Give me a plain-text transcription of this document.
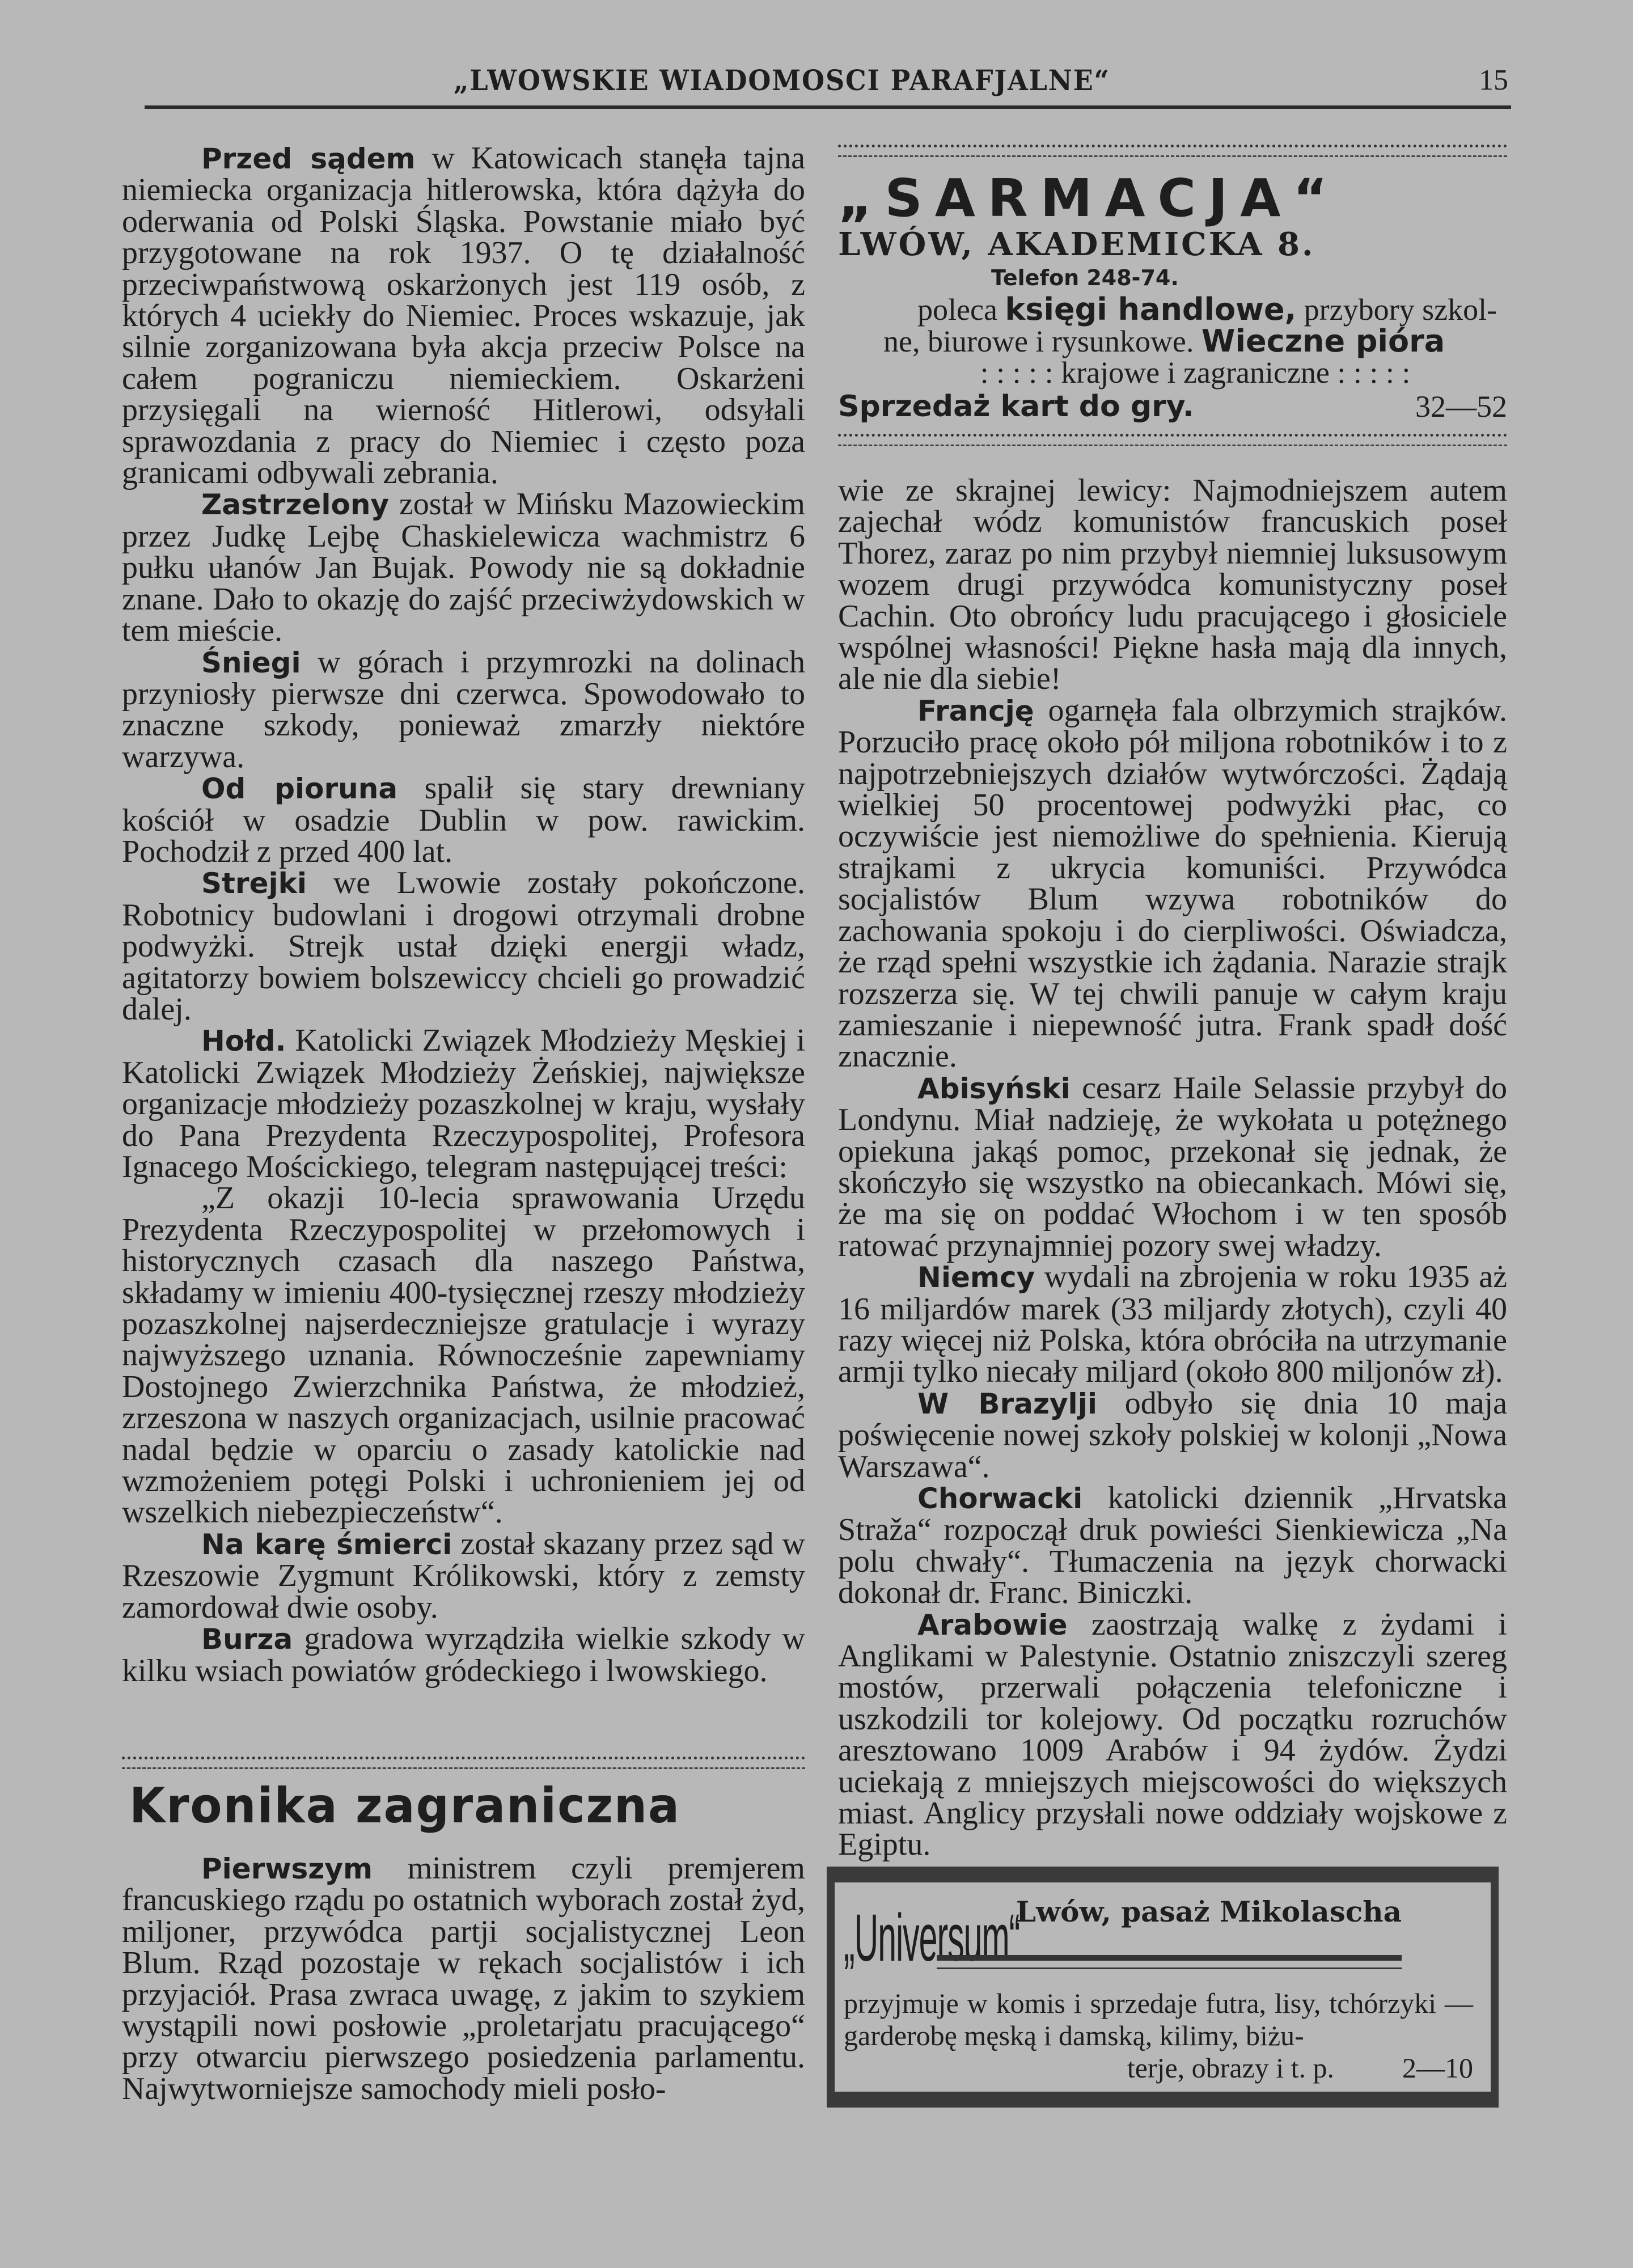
„LWOWSKIE WIADOMOSCI PARAFJALNE“	15

Przed sądem w Katowicach stanęła tajna niemiecka organizacja hitlerowska, która dążyła do oderwania od Polski Śląska. Powstanie miało być przygotowane na rok 1937. O tę działalność przeciwpaństwową oskarżonych jest 119 osób, z których 4 uciekły do Niemiec. Proces wskazuje, jak silnie zorganizowana była akcja przeciw Polsce na całem pograniczu niemieckiem. Oskarżeni przysięgali na wierność Hitlerowi, odsyłali sprawozdania z pracy do Niemiec i często poza granicami odbywali zebrania.

Zastrzelony został w Mińsku Mazowieckim przez Judkę Lejbę Chaskielewicza wachmistrz 6 pułku ułanów Jan Bujak. Powody nie są dokładnie znane. Dało to okazję do zajść przeciwżydowskich w tem mieście.

Śniegi w górach i przymrozki na dolinach przyniosły pierwsze dni czerwca. Spowodowało to znaczne szkody, ponieważ zmarzły niektóre warzywa.

Od pioruna spalił się stary drewniany kościół w osadzie Dublin w pow. rawickim. Pochodził z przed 400 lat.

Strejki we Lwowie zostały pokończone. Robotnicy budowlani i drogowi otrzymali drobne podwyżki. Strejk ustał dzięki energji władz, agitatorzy bowiem bolszewiccy chcieli go prowadzić dalej.

Hołd. Katolicki Związek Młodzieży Męskiej i Katolicki Związek Młodzieży Żeńskiej, największe organizacje młodzieży pozaszkolnej w kraju, wysłały do Pana Prezydenta Rzeczypospolitej, Profesora Ignacego Mościckiego, telegram następującej treści:

„Z okazji 10-lecia sprawowania Urzędu Prezydenta Rzeczypospolitej w przełomowych i historycznych czasach dla naszego Państwa, składamy w imieniu 400-tysięcznej rzeszy młodzieży pozaszkolnej najserdeczniejsze gratulacje i wyrazy najwyższego uznania. Równocześnie zapewniamy Dostojnego Zwierzchnika Państwa, że młodzież, zrzeszona w naszych organizacjach, usilnie pracować nadal będzie w oparciu o zasady katolickie nad wzmożeniem potęgi Polski i uchronieniem jej od wszelkich niebezpieczeństw“.

Na karę śmierci został skazany przez sąd w Rzeszowie Zygmunt Królikowski, który z zemsty zamordował dwie osoby.

Burza gradowa wyrządziła wielkie szkody w kilku wsiach powiatów gródeckiego i lwowskiego.

Kronika zagraniczna

Pierwszym ministrem czyli premjerem francuskiego rządu po ostatnich wyborach został żyd, miljoner, przywódca partji socjalistycznej Leon Blum. Rząd pozostaje w rękach socjalistów i ich przyjaciół. Prasa zwraca uwagę, z jakim to szykiem wystąpili nowi posłowie „proletarjatu pracującego“ przy otwarciu pierwszego posiedzenia parlamentu. Najwytworniejsze samochody mieli posło-

„SARMACJA“
LWÓW, AKADEMICKA 8.
Telefon 248-74.
poleca księgi handlowe, przybory szkol-
ne, biurowe i rysunkowe. Wieczne pióra
: : : : : krajowe i zagraniczne : : : : :
Sprzedaż kart do gry.	32—52

wie ze skrajnej lewicy: Najmodniejszem autem zajechał wódz komunistów francuskich poseł Thorez, zaraz po nim przybył niemniej luksusowym wozem drugi przywódca komunistyczny poseł Cachin. Oto obrońcy ludu pracującego i głosiciele wspólnej własności! Piękne hasła mają dla innych, ale nie dla siebie!

Francję ogarnęła fala olbrzymich strajków. Porzuciło pracę około pół miljona robotników i to z najpotrzebniejszych działów wytwórczości. Żądają wielkiej 50 procentowej podwyżki płac, co oczywiście jest niemożliwe do spełnienia. Kierują strajkami z ukrycia komuniści. Przywódca socjalistów Blum wzywa robotników do zachowania spokoju i do cierpliwości. Oświadcza, że rząd spełni wszystkie ich żądania. Narazie strajk rozszerza się. W tej chwili panuje w całym kraju zamieszanie i niepewność jutra. Frank spadł dość znacznie.

Abisyński cesarz Haile Selassie przybył do Londynu. Miał nadzieję, że wykołata u potężnego opiekuna jakąś pomoc, przekonał się jednak, że skończyło się wszystko na obiecankach. Mówi się, że ma się on poddać Włochom i w ten sposób ratować przynajmniej pozory swej władzy.

Niemcy wydali na zbrojenia w roku 1935 aż 16 miljardów marek (33 miljardy złotych), czyli 40 razy więcej niż Polska, która obróciła na utrzymanie armji tylko niecały miljard (około 800 miljonów zł).

W Brazylji odbyło się dnia 10 maja poświęcenie nowej szkoły polskiej w kolonji „Nowa Warszawa“.

Chorwacki katolicki dziennik „Hrvatska Straža“ rozpoczął druk powieści Sienkiewicza „Na polu chwały“. Tłumaczenia na język chorwacki dokonał dr. Franc. Biniczki.

Arabowie zaostrzają walkę z żydami i Anglikami w Palestynie. Ostatnio zniszczyli szereg mostów, przerwali połączenia telefoniczne i uszkodzili tor kolejowy. Od początku rozruchów aresztowano 1009 Arabów i 94 żydów. Żydzi uciekają z mniejszych miejscowości do większych miast. Anglicy przysłali nowe oddziały wojskowe z Egiptu.

„Universum“
Lwów, pasaż Mikolascha
przyjmuje w komis i sprzedaje futra, lisy, tchórzyki — garderobę męską i damską, kilimy, biżu-
terje, obrazy i t. p. 2—10
